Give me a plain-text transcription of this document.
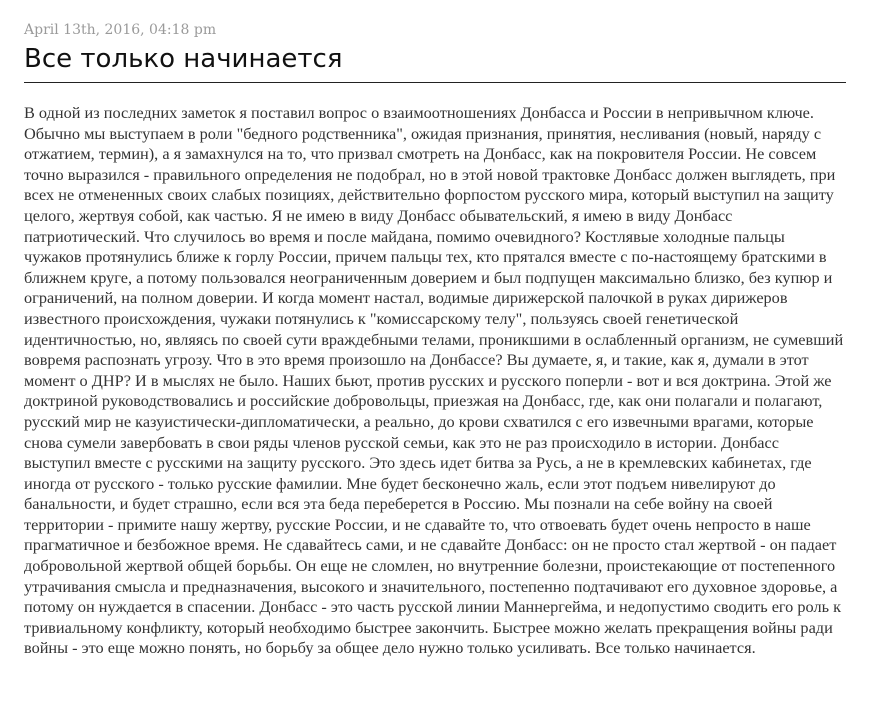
April 13th, 2016, 04:18 pm
Все только начинается

В одной из последних заметок я поставил вопрос о взаимоотношениях Донбасса и России в непривычном ключе. Обычно мы выступаем в роли "бедного родственника", ожидая признания, принятия, несливания (новый, наряду с отжатием, термин), а я замахнулся на то, что призвал смотреть на Донбасс, как на покровителя России. Не совсем точно выразился - правильного определения не подобрал, но в этой новой трактовке Донбасс должен выглядеть, при всех не отмененных своих слабых позициях, действительно форпостом русского мира, который выступил на защиту целого, жертвуя собой, как частью. Я не имею в виду Донбасс обывательский, я имею в виду Донбасс патриотический. Что случилось во время и после майдана, помимо очевидного? Костлявые холодные пальцы чужаков протянулись ближе к горлу России, причем пальцы тех, кто прятался вместе с по-настоящему братскими в ближнем круге, а потому пользовался неограниченным доверием и был подпущен максимально близко, без купюр и ограничений, на полном доверии. И когда момент настал, водимые дирижерской палочкой в руках дирижеров известного происхождения, чужаки потянулись к "комиссарскому телу", пользуясь своей генетической идентичностью, но, являясь по своей сути враждебными телами, проникшими в ослабленный организм, не сумевший вовремя распознать угрозу. Что в это время произошло на Донбассе? Вы думаете, я, и такие, как я, думали в этот момент о ДНР? И в мыслях не было. Наших бьют, против русских и русского поперли - вот и вся доктрина. Этой же доктриной руководствовались и российские добровольцы, приезжая на Донбасс, где, как они полагали и полагают, русский мир не казуистически-дипломатически, а реально, до крови схватился с его извечными врагами, которые снова сумели завербовать в свои ряды членов русской семьи, как это не раз происходило в истории. Донбасс выступил вместе с русскими на защиту русского. Это здесь идет битва за Русь, а не в кремлевских кабинетах, где иногда от русского - только русские фамилии. Мне будет бесконечно жаль, если этот подъем нивелируют до банальности, и будет страшно, если вся эта беда переберется в Россию. Мы познали на себе войну на своей территории - примите нашу жертву, русские России, и не сдавайте то, что отвоевать будет очень непросто в наше прагматичное и безбожное время. Не сдавайтесь сами, и не сдавайте Донбасс: он не просто стал жертвой - он падает добровольной жертвой общей борьбы. Он еще не сломлен, но внутренние болезни, проистекающие от постепенного утрачивания смысла и предназначения, высокого и значительного, постепенно подтачивают его духовное здоровье, а потому он нуждается в спасении. Донбасс - это часть русской линии Маннергейма, и недопустимо сводить его роль к тривиальному конфликту, который необходимо быстрее закончить. Быстрее можно желать прекращения войны ради войны - это еще можно понять, но борьбу за общее дело нужно только усиливать. Все только начинается.
